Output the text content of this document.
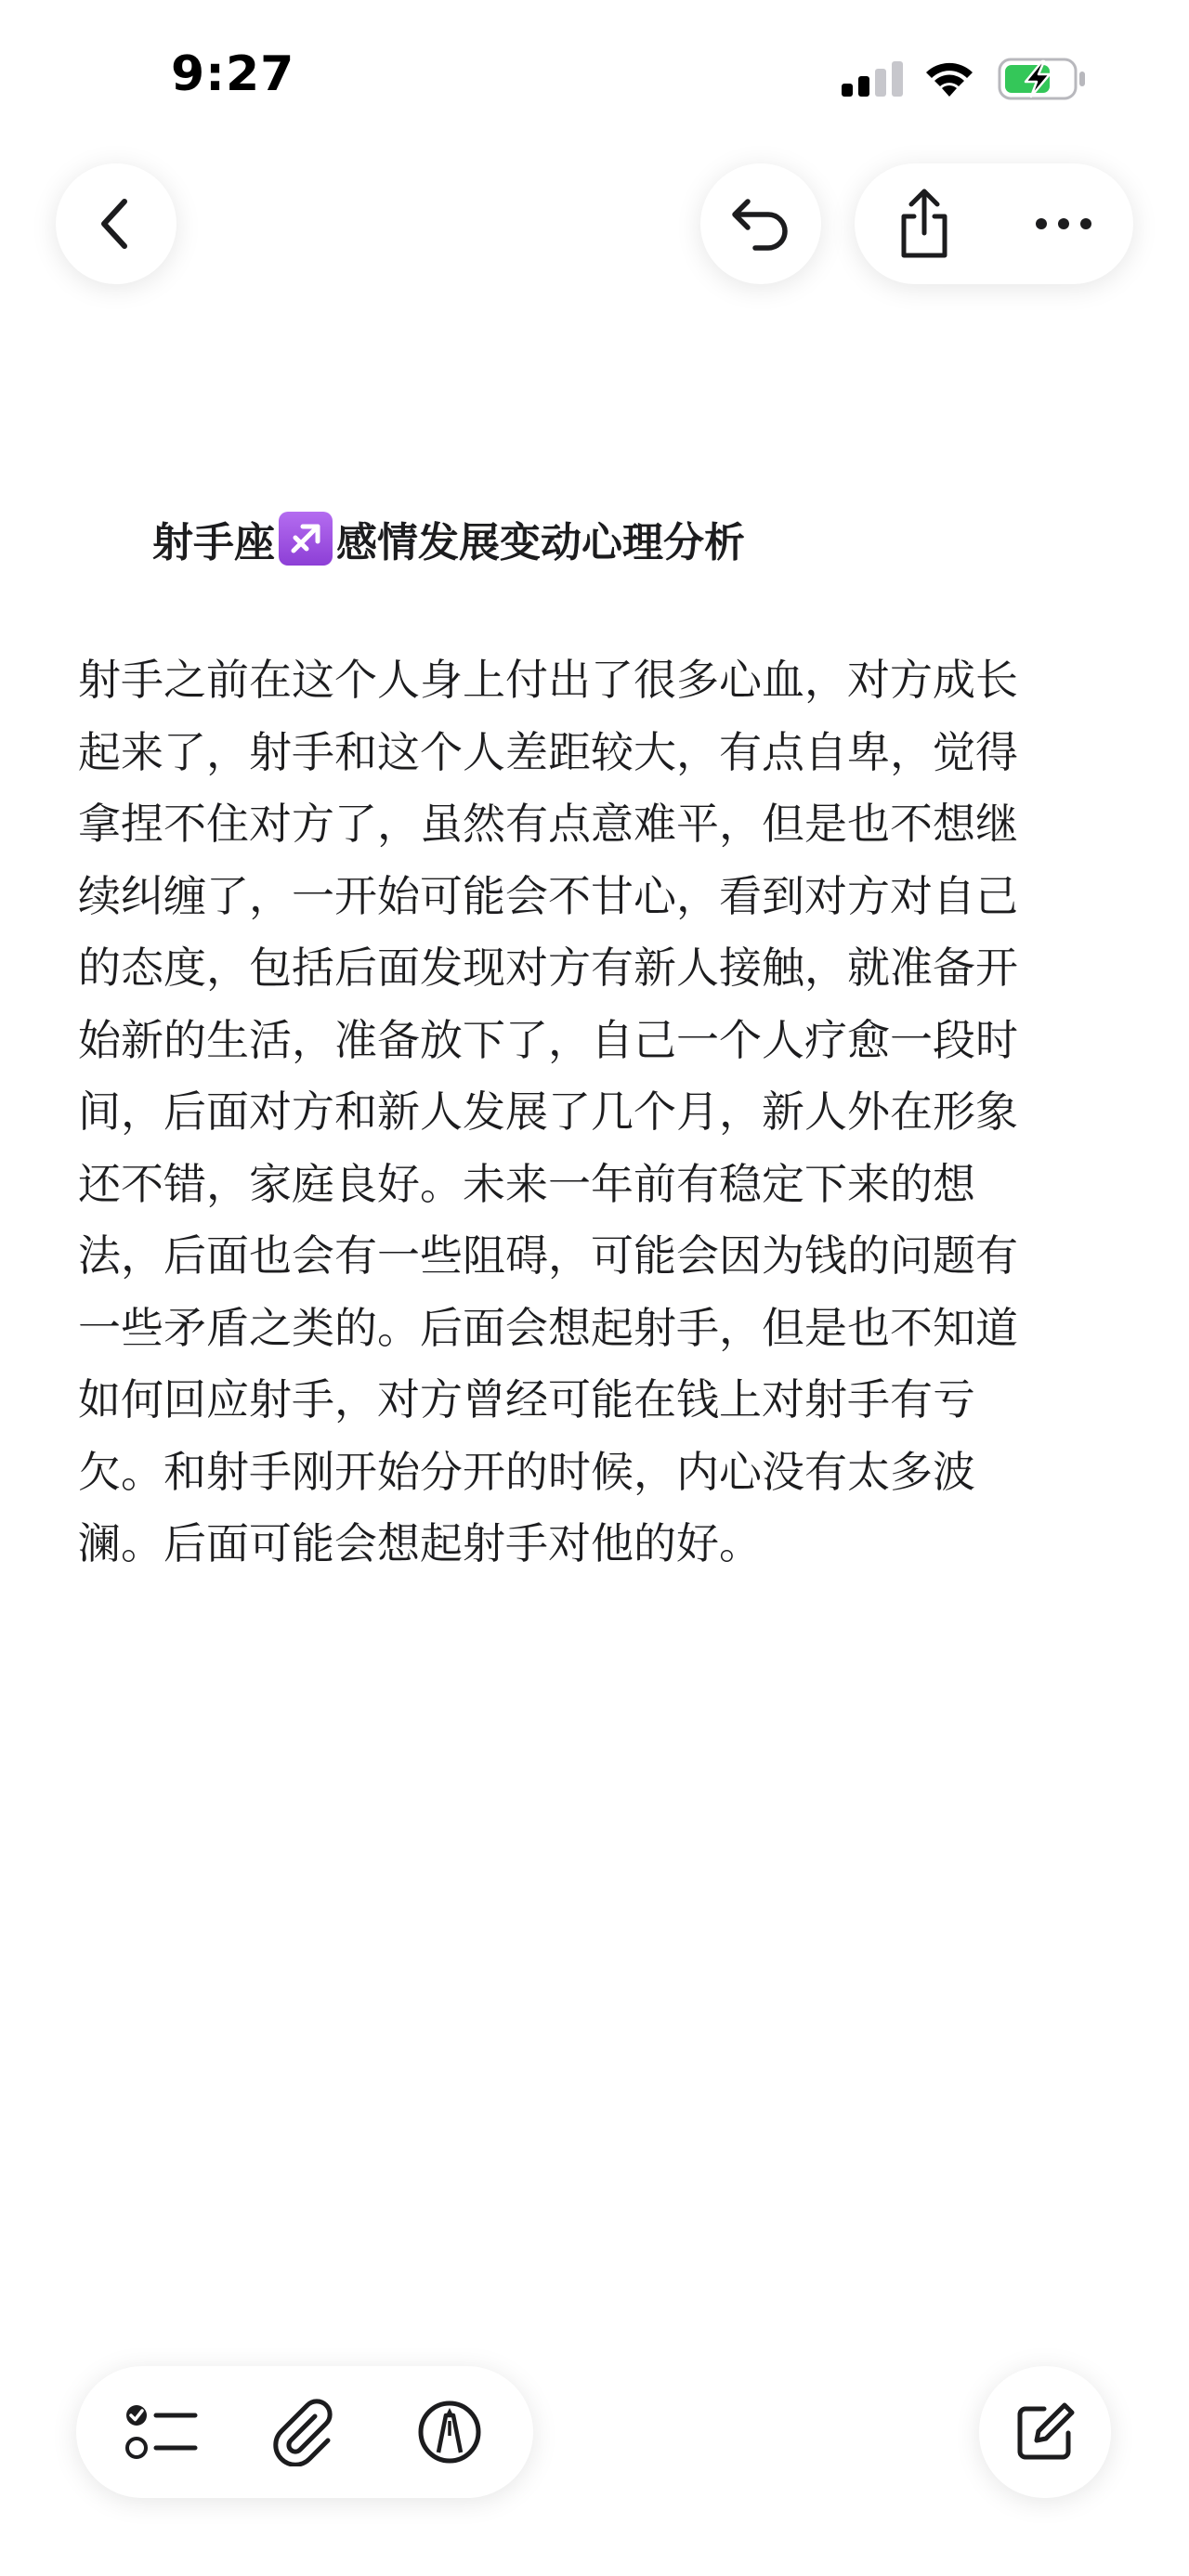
9:27
射手座 感情发展变动心理分析
射手之前在这个人身上付出了很多心血，对方成长
起来了，射手和这个人差距较大，有点自卑，觉得
拿捏不住对方了，虽然有点意难平，但是也不想继
续纠缠了，一开始可能会不甘心，看到对方对自己
的态度，包括后面发现对方有新人接触，就准备开
始新的生活，准备放下了，自己一个人疗愈一段时
间，后面对方和新人发展了几个月，新人外在形象
还不错，家庭良好。未来一年前有稳定下来的想
法，后面也会有一些阻碍，可能会因为钱的问题有
一些矛盾之类的。后面会想起射手，但是也不知道
如何回应射手，对方曾经可能在钱上对射手有亏
欠。和射手刚开始分开的时候，内心没有太多波
澜。后面可能会想起射手对他的好。
